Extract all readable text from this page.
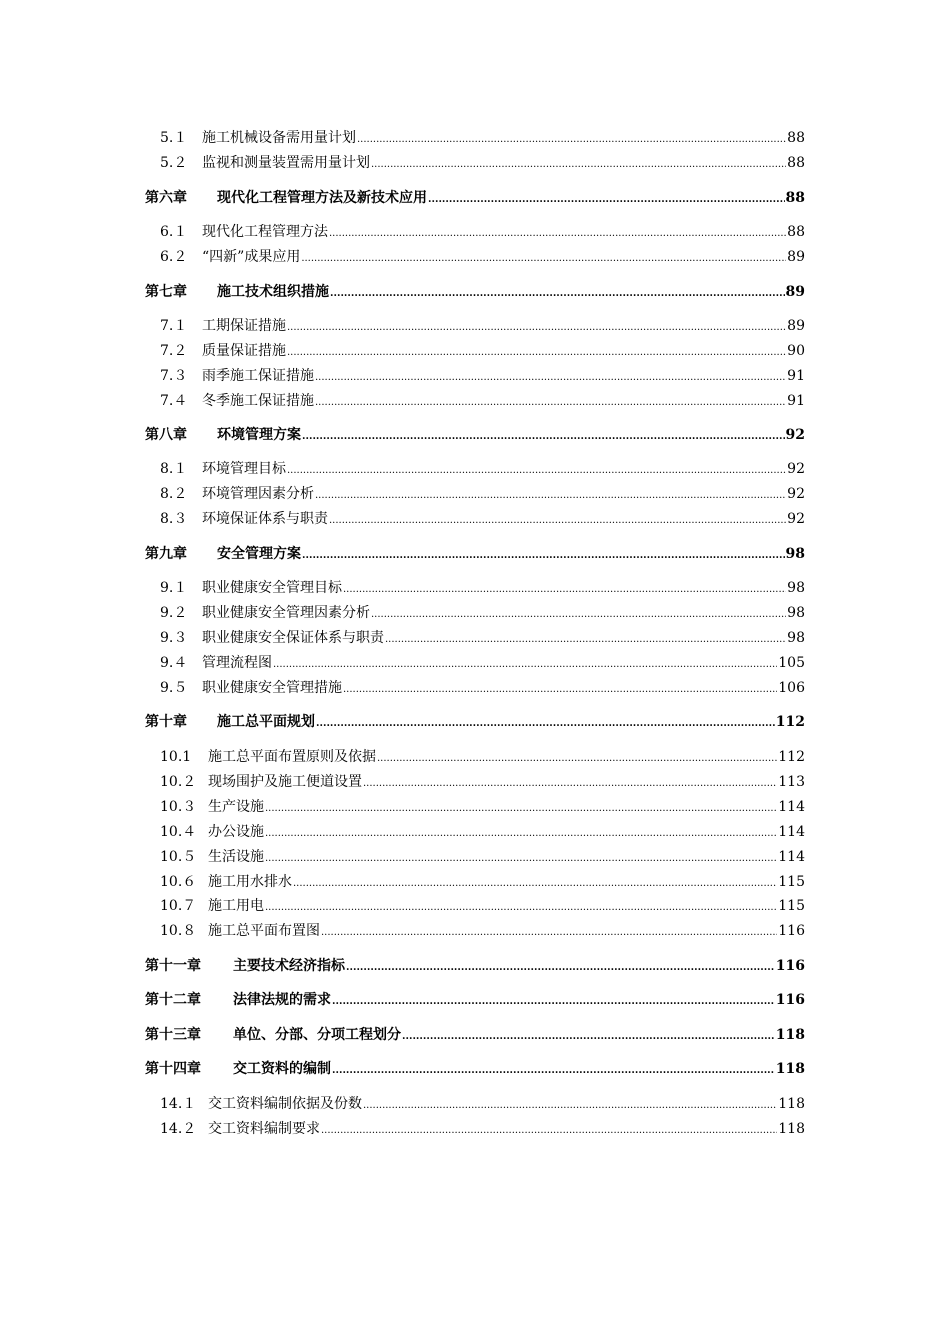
5.１	施工机械设备需用量计划 .....	88
5.２	监视和测量装置需用量计划 .....	88
第六章	现代化工程管理方法及新技术应用 .....	88
6.１	现代化工程管理方法 .....	88
6.２	“四新”成果应用 .....	89
第七章	施工技术组织措施 .....	89
7.１	工期保证措施 .....	89
7.２	质量保证措施 .....	90
7.３	雨季施工保证措施 .....	91
7.４	冬季施工保证措施 .....	91
第八章	环境管理方案 .....	92
8.１	环境管理目标 .....	92
8.２	环境管理因素分析 .....	92
8.３	环境保证体系与职责 .....	92
第九章	安全管理方案 .....	98
9.１	职业健康安全管理目标 .....	98
9.２	职业健康安全管理因素分析 .....	98
9.３	职业健康安全保证体系与职责 .....	98
9.４	管理流程图 .....	105
9.５	职业健康安全管理措施 .....	106
第十章	施工总平面规划 .....	112
10.1	施工总平面布置原则及依据 .....	112
10.２ 现场围护及施工便道设置 .....	113
10.３ 生产设施 .....	114
10.４ 办公设施 .....	114
10.５ 生活设施 .....	114
10.６ 施工用水排水 .....	115
10.７ 施工用电 .....	115
10.８ 施工总平面布置图 .....	116
第十一章	主要技术经济指标 .....	116
第十二章	法律法规的需求 .....	116
第十三章	单位、分部、分项工程划分 .....	118
第十四章	交工资料的编制 .....	118
14.１ 交工资料编制依据及份数 .....	118
14.２ 交工资料编制要求 .....	118
